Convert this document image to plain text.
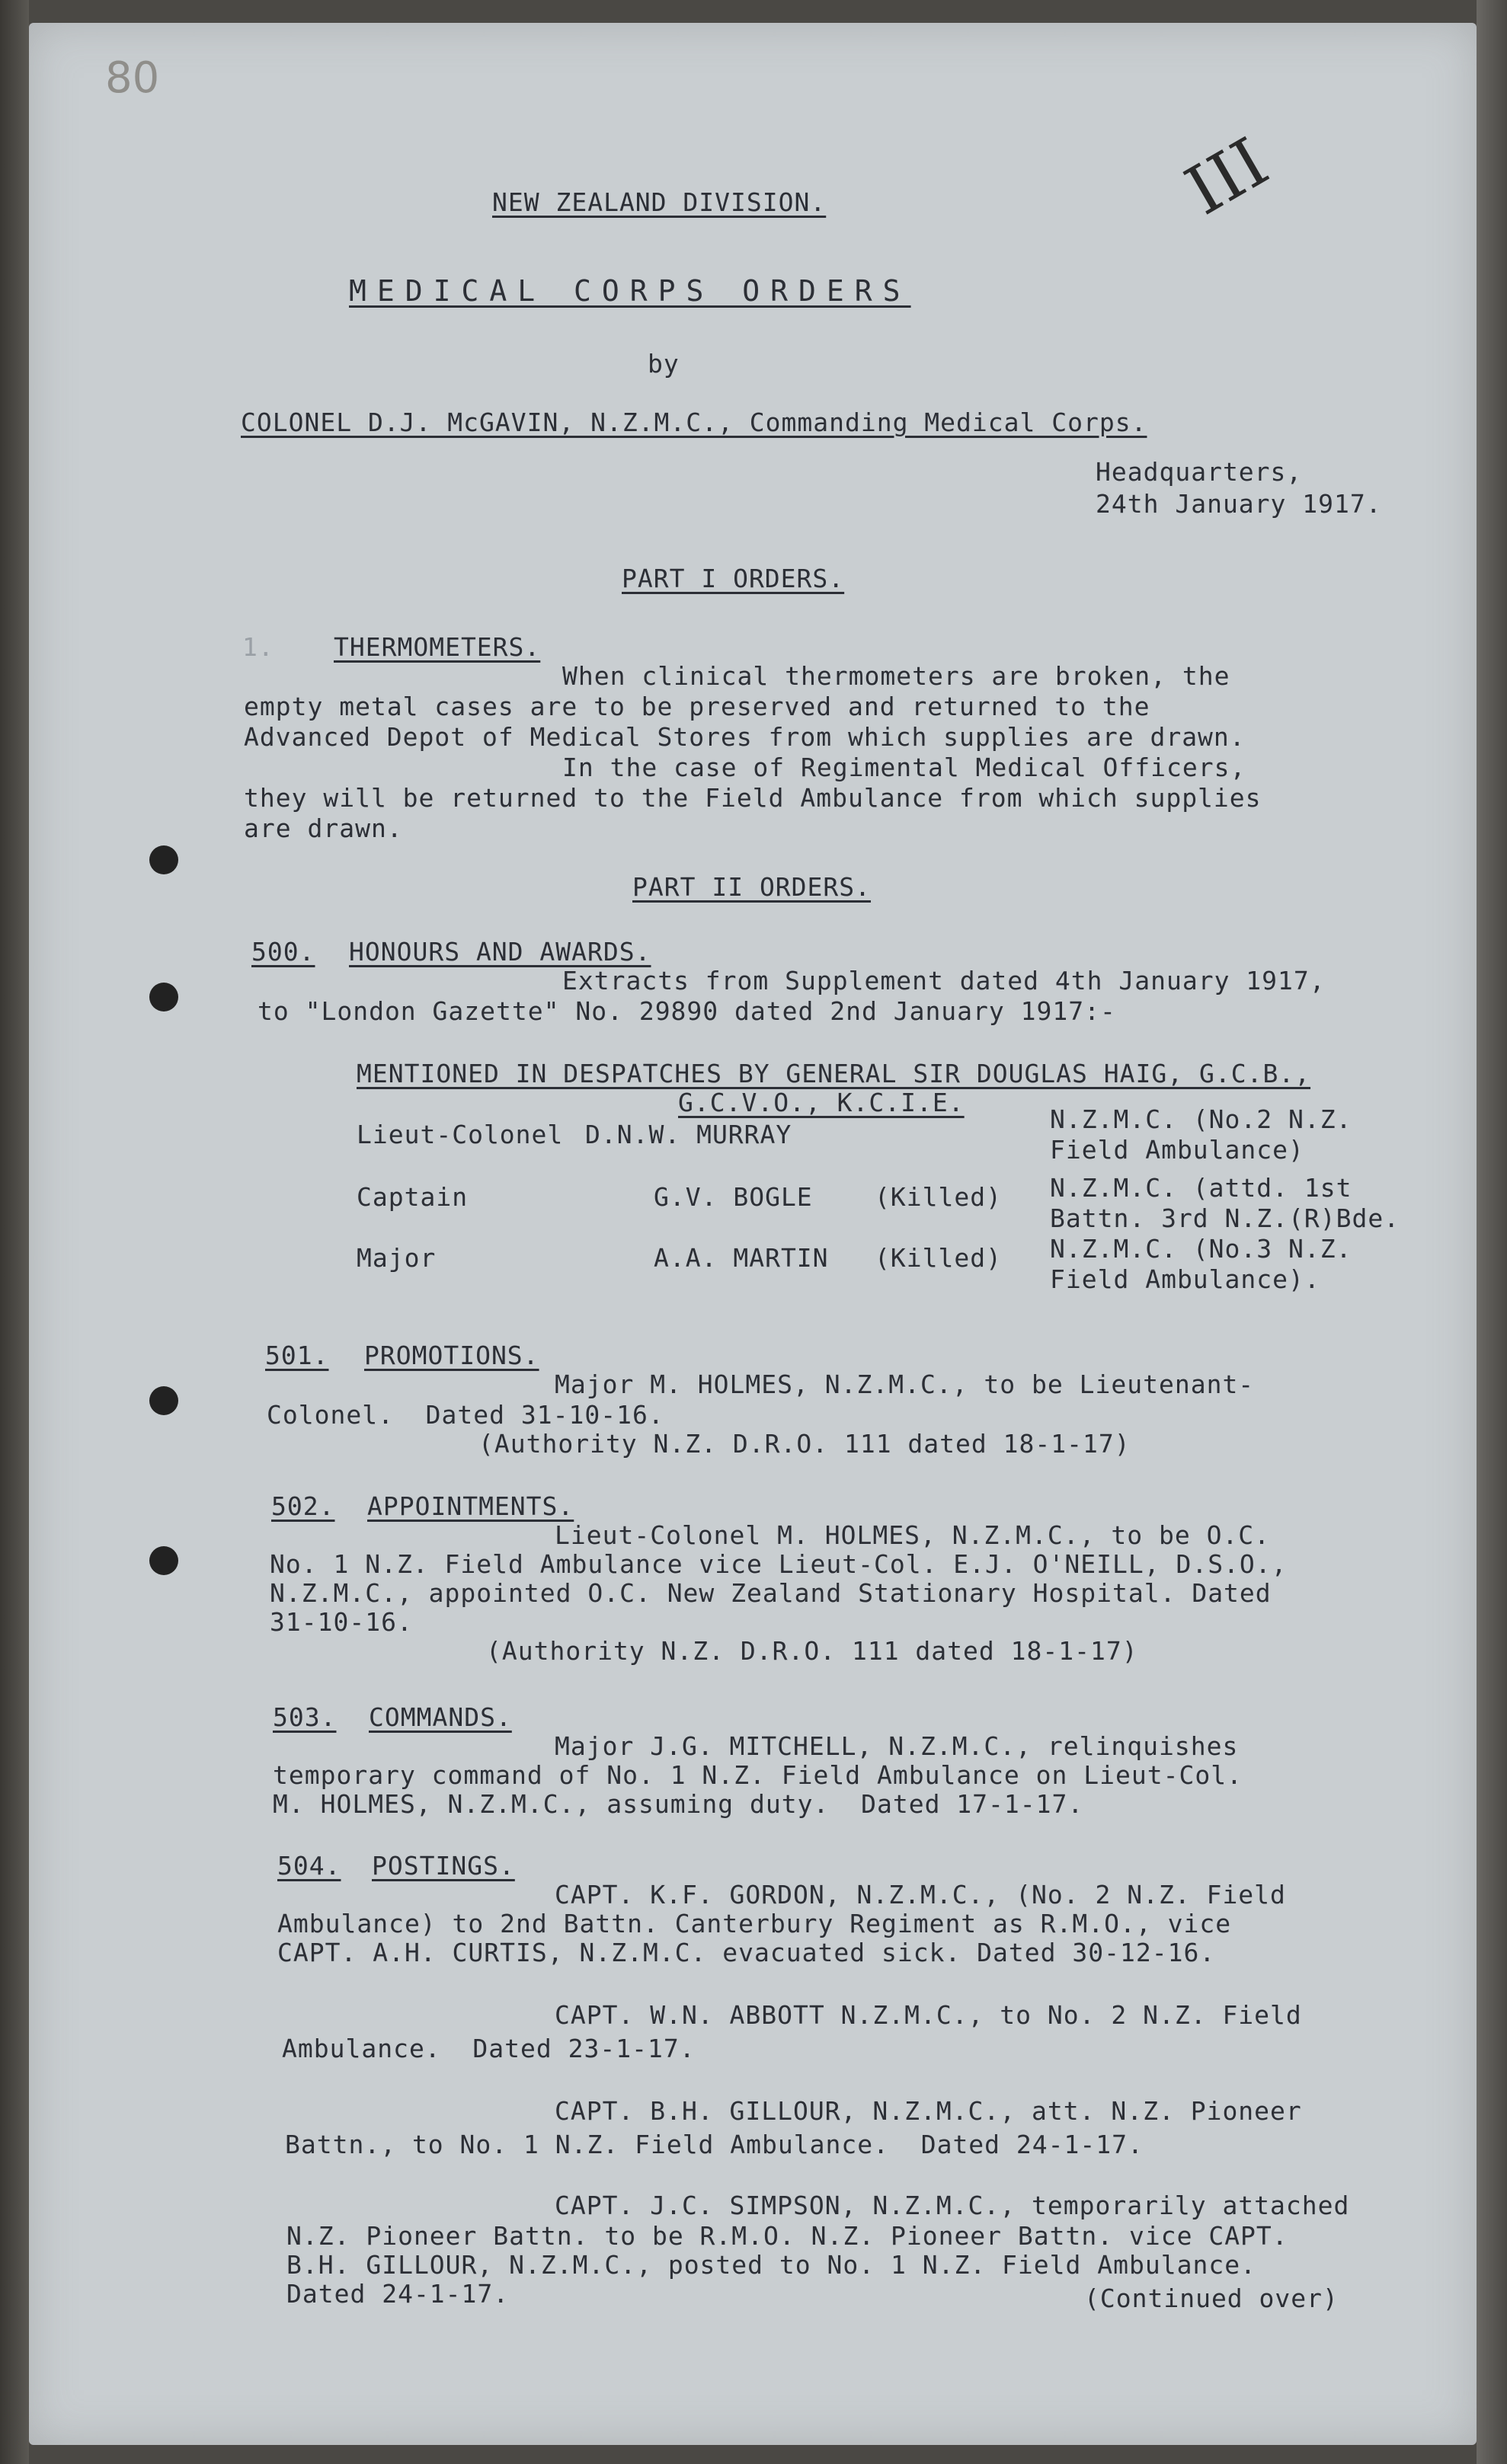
80
III
NEW ZEALAND DIVISION.
MEDICAL CORPS ORDERS
by
COLONEL D.J. McGAVIN, N.Z.M.C., Commanding Medical Corps.
Headquarters,
24th January 1917.
PART I ORDERS.
1. THERMOMETERS.
When clinical thermometers are broken, the
empty metal cases are to be preserved and returned to the
Advanced Depot of Medical Stores from which supplies are drawn.
In the case of Regimental Medical Officers,
they will be returned to the Field Ambulance from which supplies
are drawn.
PART II ORDERS.
500. HONOURS AND AWARDS.
Extracts from Supplement dated 4th January 1917,
to "London Gazette" No. 29890 dated 2nd January 1917:-
MENTIONED IN DESPATCHES BY GENERAL SIR DOUGLAS HAIG, G.C.B.,
G.C.V.O., K.C.I.E.
Lieut-Colonel D.N.W. MURRAY
N.Z.M.C. (No.2 N.Z.
Field Ambulance)
Captain	G.V. BOGLE (Killed) N.Z.M.C. (attd. 1st
Battn. 3rd N.Z.(R)Bde.
Major	A.A. MARTIN (Killed) N.Z.M.C. (No.3 N.Z.
Field Ambulance).
501. PROMOTIONS.
Major M. HOLMES, N.Z.M.C., to be Lieutenant-
Colonel.  Dated 31-10-16.
(Authority N.Z. D.R.O. 111 dated 18-1-17)
502. APPOINTMENTS.
Lieut-Colonel M. HOLMES, N.Z.M.C., to be O.C.
No. 1 N.Z. Field Ambulance vice Lieut-Col. E.J. O'NEILL, D.S.O.,
N.Z.M.C., appointed O.C. New Zealand Stationary Hospital. Dated
31-10-16.
(Authority N.Z. D.R.O. 111 dated 18-1-17)
503. COMMANDS.
Major J.G. MITCHELL, N.Z.M.C., relinquishes
temporary command of No. 1 N.Z. Field Ambulance on Lieut-Col.
M. HOLMES, N.Z.M.C., assuming duty.  Dated 17-1-17.
504. POSTINGS.
CAPT. K.F. GORDON, N.Z.M.C., (No. 2 N.Z. Field
Ambulance) to 2nd Battn. Canterbury Regiment as R.M.O., vice
CAPT. A.H. CURTIS, N.Z.M.C. evacuated sick. Dated 30-12-16.
CAPT. W.N. ABBOTT N.Z.M.C., to No. 2 N.Z. Field
Ambulance.  Dated 23-1-17.
CAPT. B.H. GILLOUR, N.Z.M.C., att. N.Z. Pioneer
Battn., to No. 1 N.Z. Field Ambulance.  Dated 24-1-17.
CAPT. J.C. SIMPSON, N.Z.M.C., temporarily attached
N.Z. Pioneer Battn. to be R.M.O. N.Z. Pioneer Battn. vice CAPT.
B.H. GILLOUR, N.Z.M.C., posted to No. 1 N.Z. Field Ambulance.
Dated 24-1-17.	(Continued over)
